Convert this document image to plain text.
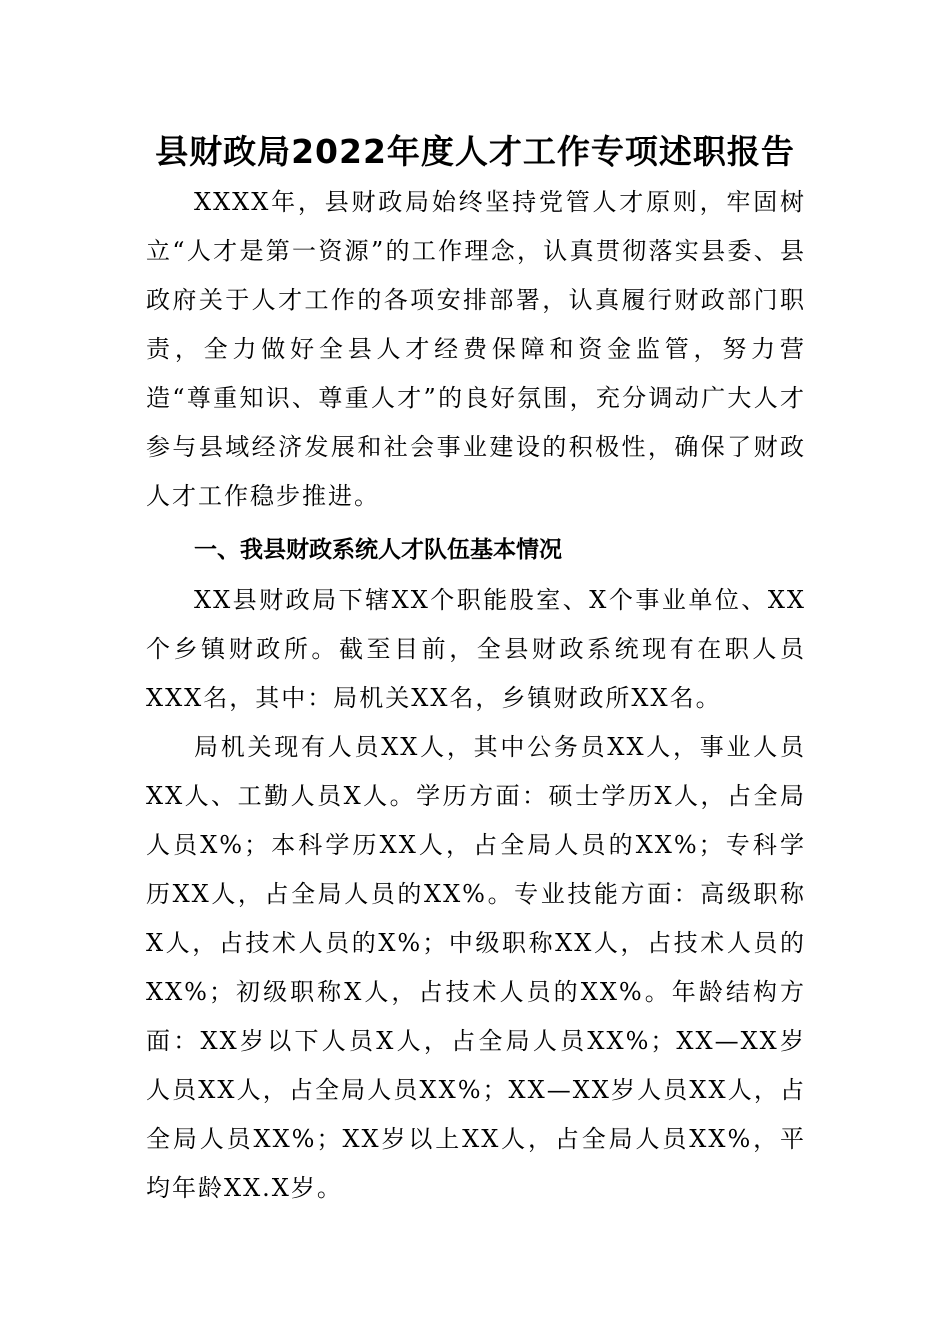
县财政局2022年度人才工作专项述职报告

XXXX年，县财政局始终坚持党管人才原则，牢固树立“人才是第一资源”的工作理念，认真贯彻落实县委、县政府关于人才工作的各项安排部署，认真履行财政部门职责，全力做好全县人才经费保障和资金监管，努力营造“尊重知识、尊重人才”的良好氛围，充分调动广大人才参与县域经济发展和社会事业建设的积极性，确保了财政人才工作稳步推进。

一、我县财政系统人才队伍基本情况

XX县财政局下辖XX个职能股室、X个事业单位、XX个乡镇财政所。截至目前，全县财政系统现有在职人员XXX名，其中：局机关XX名，乡镇财政所XX名。

局机关现有人员XX人，其中公务员XX人，事业人员XX人、工勤人员X人。学历方面：硕士学历X人，占全局人员X%；本科学历XX人，占全局人员的XX%；专科学历XX人，占全局人员的XX%。专业技能方面：高级职称X人，占技术人员的X%；中级职称XX人，占技术人员的XX%；初级职称X人，占技术人员的XX%。年龄结构方面：XX岁以下人员X人，占全局人员XX%；XX—XX岁人员XX人，占全局人员XX%；XX—XX岁人员XX人，占全局人员XX%；XX岁以上XX人，占全局人员XX%，平均年龄XX.X岁。
